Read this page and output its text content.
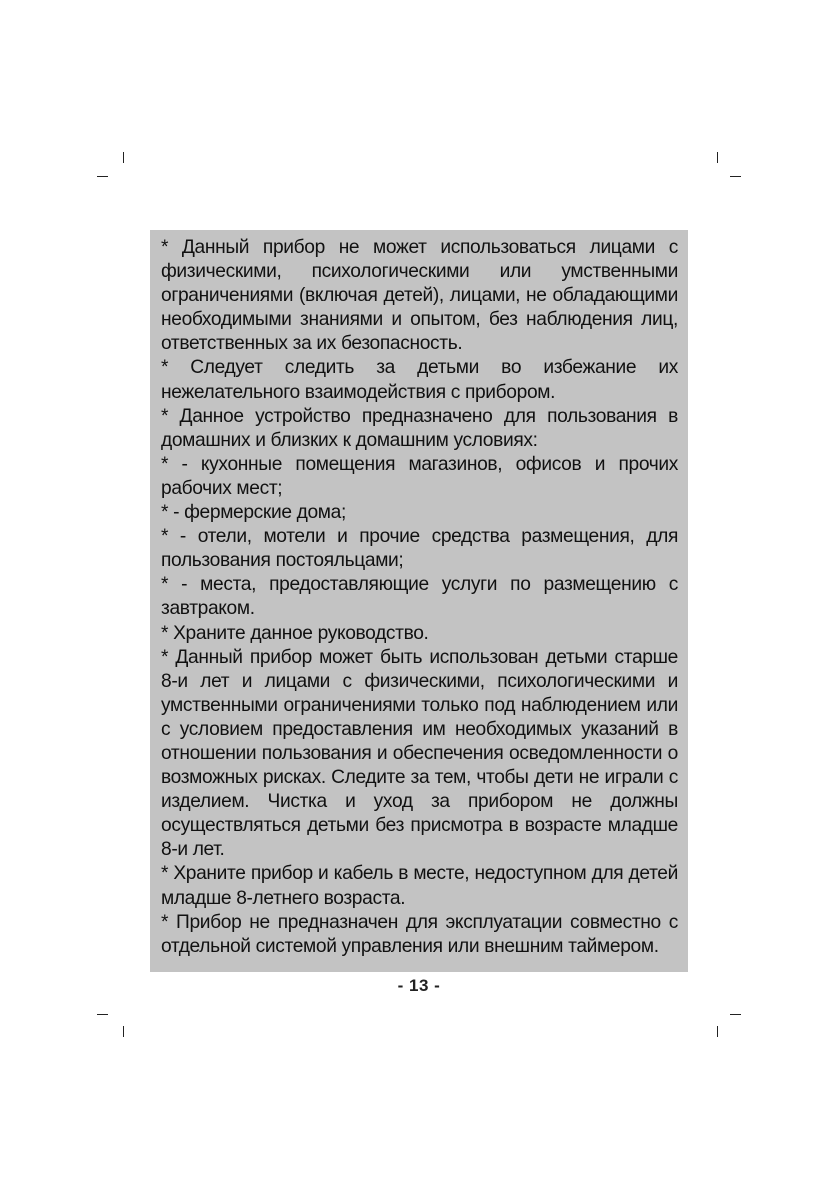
* Данный прибор не может использоваться лицами с физическими, психологическими или умственными ограничениями (включая детей), лицами, не обладающими необходимыми знаниями и опытом, без наблюдения лиц, ответственных за их безопасность.

* Следует следить за детьми во избежание их нежелательного взаимодействия с прибором.

* Данное устройство предназначено для пользования в домашних и близких к домашним условиях:

* - кухонные помещения магазинов, офисов и прочих рабочих мест;

* - фермерские дома;

* - отели, мотели и прочие средства размещения, для пользования постояльцами;

* - места, предоставляющие услуги по размещению с завтраком.

* Храните данное руководство.

* Данный прибор может быть использован детьми старше 8-и лет и лицами с физическими, психологическими и умственными ограничениями только под наблюдением или с условием предоставления им необходимых указаний в отношении пользования и обеспечения осведомленности о возможных рисках. Следите за тем, чтобы дети не играли с изделием. Чистка и уход за прибором не должны осуществляться детьми без присмотра в возрасте младше 8-и лет.

* Храните прибор и кабель в месте, недоступном для детей младше 8-летнего возраста.

* Прибор не предназначен для эксплуатации совместно с отдельной системой управления или внешним таймером.

- 13 -
